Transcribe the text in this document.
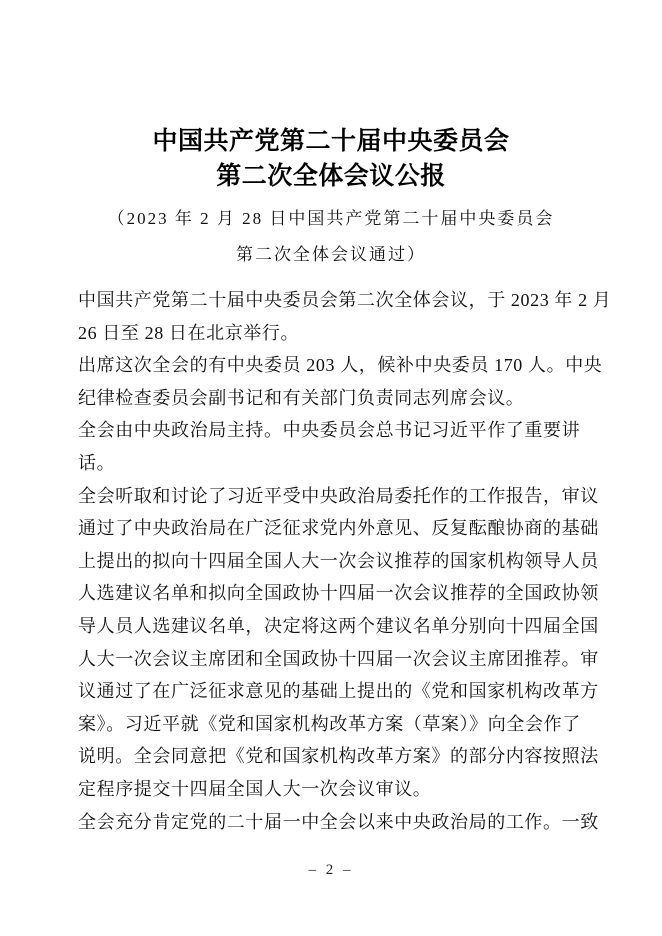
中国共产党第二十届中央委员会
第二次全体会议公报
（2023 年 2 月 28 日中国共产党第二十届中央委员会
第二次全体会议通过）
中国共产党第二十届中央委员会第二次全体会议，于 2023 年 2 月
26 日至 28 日在北京举行。
出席这次全会的有中央委员 203 人，候补中央委员 170 人。中央
纪律检查委员会副书记和有关部门负责同志列席会议。
全会由中央政治局主持。中央委员会总书记习近平作了重要讲
话。
全会听取和讨论了习近平受中央政治局委托作的工作报告，审议
通过了中央政治局在广泛征求党内外意见、反复酝酿协商的基础
上提出的拟向十四届全国人大一次会议推荐的国家机构领导人员
人选建议名单和拟向全国政协十四届一次会议推荐的全国政协领
导人员人选建议名单，决定将这两个建议名单分别向十四届全国
人大一次会议主席团和全国政协十四届一次会议主席团推荐。审
议通过了在广泛征求意见的基础上提出的《党和国家机构改革方
案》。习近平就《党和国家机构改革方案（草案）》向全会作了
说明。全会同意把《党和国家机构改革方案》的部分内容按照法
定程序提交十四届全国人大一次会议审议。
全会充分肯定党的二十届一中全会以来中央政治局的工作。一致
– 2 –
